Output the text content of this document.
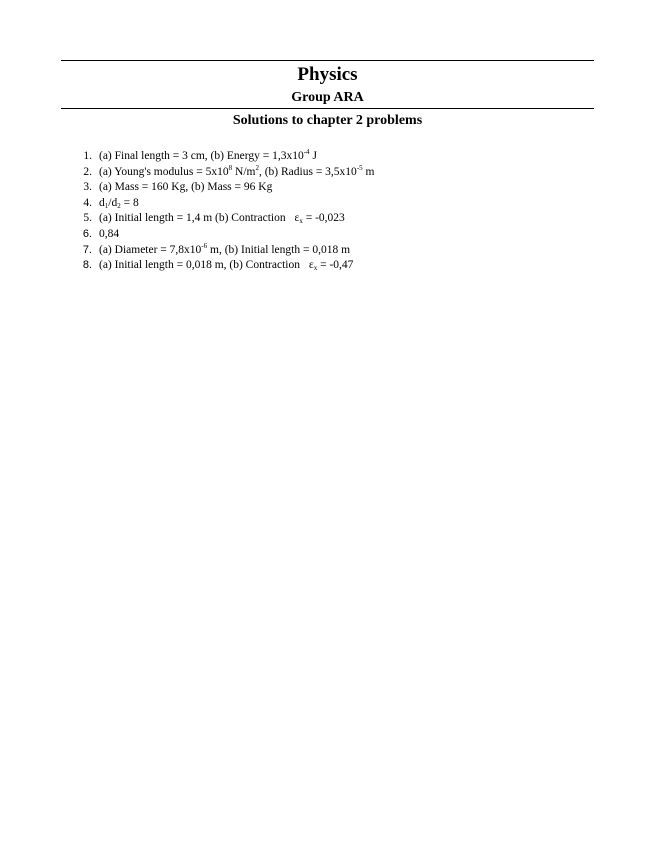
Physics
Group ARA
Solutions to chapter 2 problems
1. (a) Final length = 3 cm, (b) Energy = $1,3x10^{-4}$ J
2. (a) Young's modulus = $5x10^8$ $N/m^2$, (b) Radius = $3,5x10^{-5}$ m
3. (a) Mass = 160 Kg, (b) Mass = 96 Kg
4. $d_1/d_2 = 8$
5. (a) Initial length = 1,4 m (b) Contraction $\varepsilon_x = -0,023$
6. 0,84
7. (a) Diameter = $7,8x10^{-6}$ m, (b) Initial length = 0,018 m
8. (a) Initial length = 0,018 m, (b) Contraction $\varepsilon_x = -0,47$
